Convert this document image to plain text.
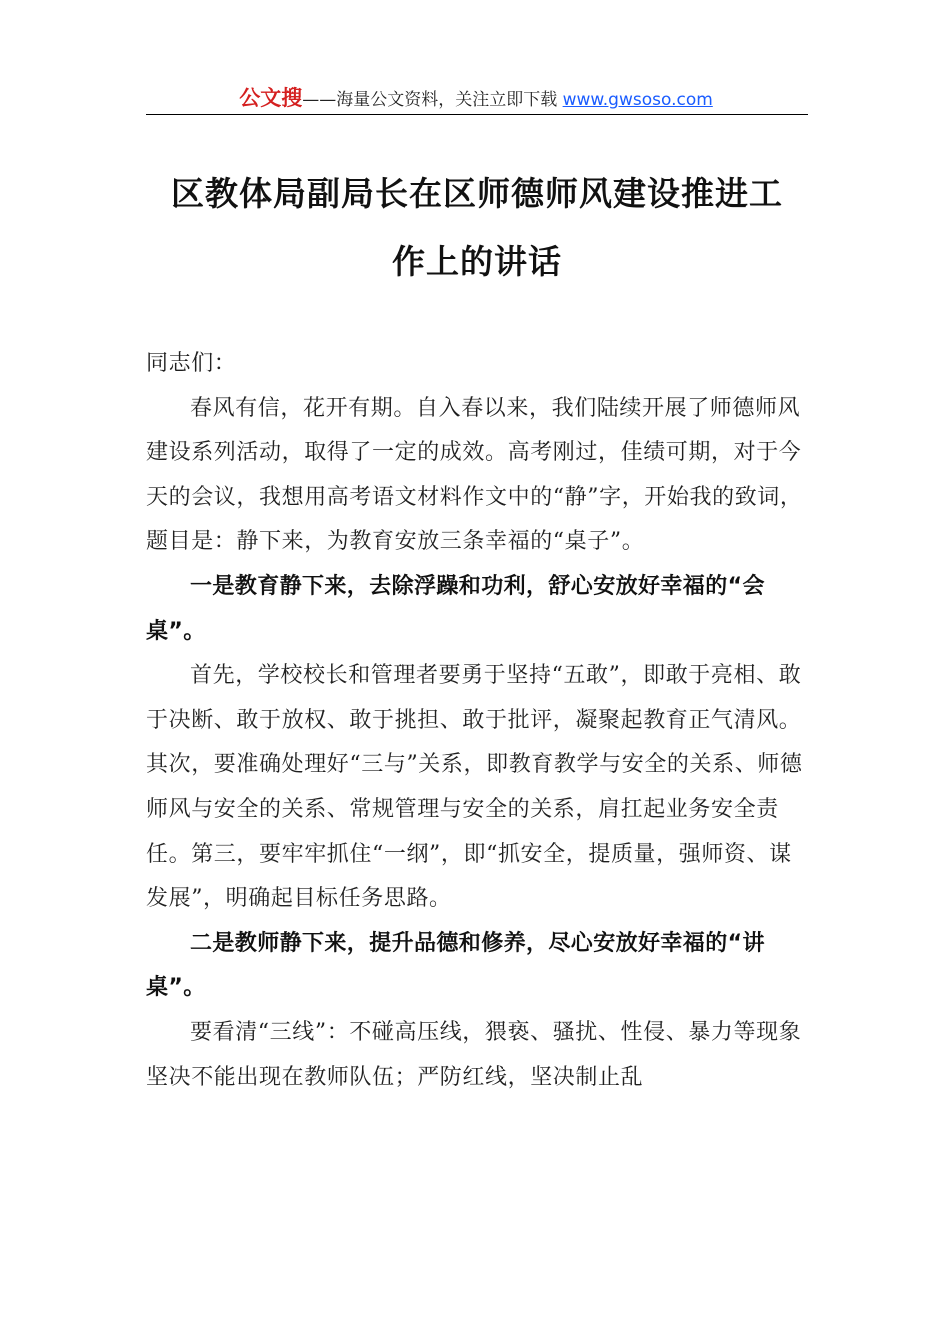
公文搜——海量公文资料，关注立即下载 www.gwsoso.com
区教体局副局长在区师德师风建设推进工
作上的讲话

同志们：

春风有信，花开有期。自入春以来，我们陆续开展了师德师风建设系列活动，取得了一定的成效。高考刚过，佳绩可期，对于今天的会议，我想用高考语文材料作文中的“静”字，开始我的致词，题目是：静下来，为教育安放三条幸福的“桌子”。

一是教育静下来，去除浮躁和功利，舒心安放好幸福的“会桌”。

首先，学校校长和管理者要勇于坚持“五敢”，即敢于亮相、敢于决断、敢于放权、敢于挑担、敢于批评，凝聚起教育正气清风。其次，要准确处理好“三与”关系，即教育教学与安全的关系、师德师风与安全的关系、常规管理与安全的关系，肩扛起业务安全责任。第三，要牢牢抓住“一纲”，即“抓安全，提质量，强师资、谋发展”，明确起目标任务思路。

二是教师静下来，提升品德和修养，尽心安放好幸福的“讲桌”。

要看清“三线”：不碰高压线，猥亵、骚扰、性侵、暴力等现象坚决不能出现在教师队伍；严防红线，坚决制止乱
